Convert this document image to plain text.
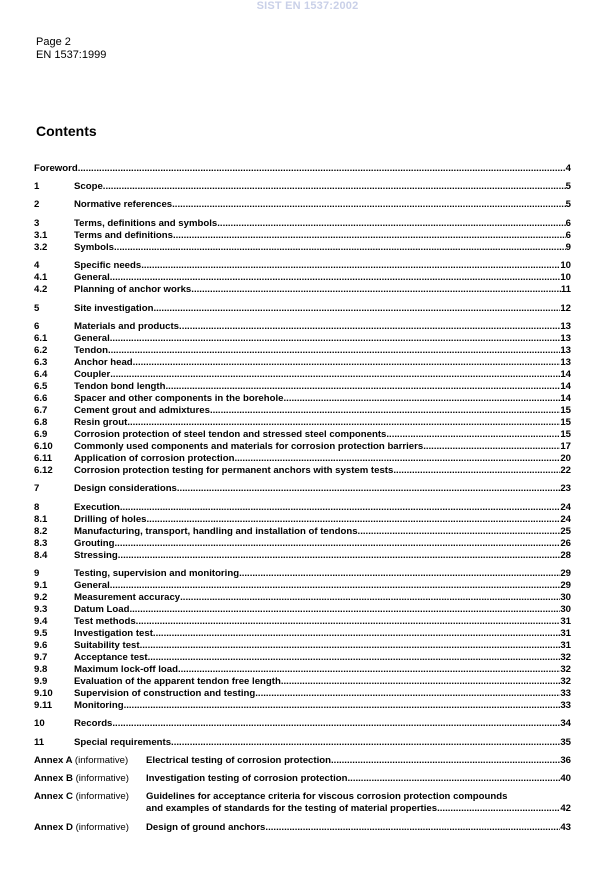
SIST EN 1537:2002
Page 2
EN 1537:1999
Contents
Foreword .....	4
1	Scope .....	5
2	Normative references .....	5
3	Terms, definitions and symbols .....	6
3.1	Terms and definitions .....	6
3.2	Symbols .....	9
4	Specific needs .....	10
4.1	General .....	10
4.2	Planning of anchor works .....	11
5	Site investigation .....	12
6	Materials and products .....	13
6.1	General .....	13
6.2	Tendon .....	13
6.3	Anchor head .....	13
6.4	Coupler .....	14
6.5	Tendon bond length .....	14
6.6	Spacer and other components in the borehole .....	14
6.7	Cement grout and admixtures .....	15
6.8	Resin grout .....	15
6.9	Corrosion protection of steel tendon and stressed steel components .....	15
6.10	Commonly used components and materials for corrosion protection barriers .....	17
6.11	Application of corrosion protection .....	20
6.12	Corrosion protection testing for permanent anchors with system tests .....	22
7	Design considerations .....	23
8	Execution .....	24
8.1	Drilling of holes .....	24
8.2	Manufacturing, transport, handling and installation of tendons .....	25
8.3	Grouting .....	26
8.4	Stressing .....	28
9	Testing, supervision and monitoring .....	29
9.1	General .....	29
9.2	Measurement accuracy .....	30
9.3	Datum Load .....	30
9.4	Test methods .....	31
9.5	Investigation test .....	31
9.6	Suitability test .....	31
9.7	Acceptance test .....	32
9.8	Maximum lock-off load .....	32
9.9	Evaluation of the apparent tendon free length .....	32
9.10	Supervision of construction and testing .....	33
9.11	Monitoring .....	33
10	Records .....	34
11	Special requirements .....	35
Annex A (informative)	Electrical testing of corrosion protection .....	36
Annex B (informative)	Investigation testing of corrosion protection .....	40
Annex C (informative)	Guidelines for acceptance criteria for viscous corrosion protection compounds
and examples of standards for the testing of material properties .....	42
Annex D (informative)	Design of ground anchors .....	43
